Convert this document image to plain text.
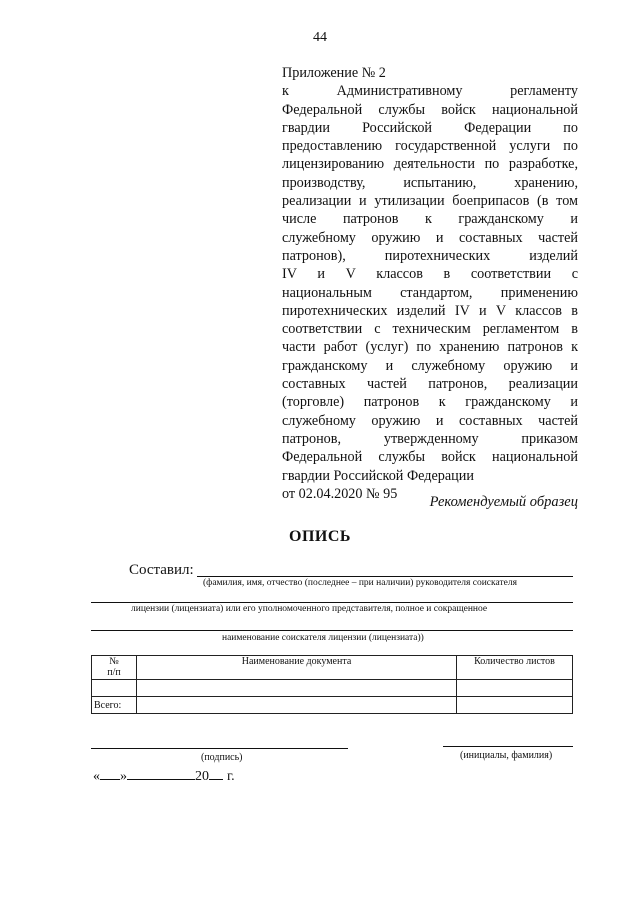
44
Приложение № 2
к Административному регламенту
Федеральной службы войск национальной
гвардии Российской Федерации по
предоставлению государственной услуги по
лицензированию деятельности по разработке,
производству, испытанию, хранению,
реализации и утилизации боеприпасов (в том
числе патронов к гражданскому и
служебному оружию и составных частей
патронов), пиротехнических изделий
IV и V классов в соответствии с
национальным стандартом, применению
пиротехнических изделий IV и V классов в
соответствии с техническим регламентом в
части работ (услуг) по хранению патронов к
гражданскому и служебному оружию и
составных частей патронов, реализации
(торговле) патронов к гражданскому и
служебному оружию и составных частей
патронов, утвержденному приказом
Федеральной службы войск национальной
гвардии Российской Федерации
от 02.04.2020 № 95
Рекомендуемый образец
ОПИСЬ
Составил:
(фамилия, имя, отчество (последнее – при наличии) руководителя соискателя
лицензии (лицензиата) или его уполномоченного представителя, полное и сокращенное
наименование соискателя лицензии (лицензиата))
№
п/п	Наименование документа	Количество листов

Всего:		
(подпись)	(инициалы, фамилия)
« »	20 г.
